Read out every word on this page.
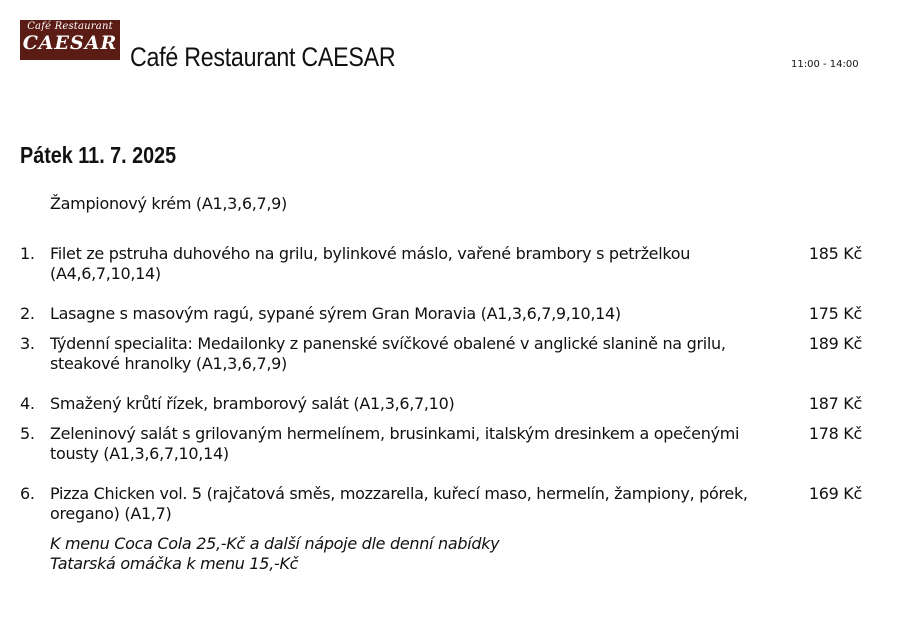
Café Restaurant
CAESAR Café Restaurant CAESAR	11:00 - 14:00
Pátek 11. 7. 2025
Žampionový krém (A1,3,6,7,9)
1. Filet ze pstruha duhového na grilu, bylinkové máslo, vařené brambory s petrželkou (A4,6,7,10,14)
185 Kč
2. Lasagne s masovým ragú, sypané sýrem Gran Moravia (A1,3,6,7,9,10,14)	175 Kč
3. Týdenní specialita: Medailonky z panenské svíčkové obalené v anglické slanině na grilu, steakové hranolky (A1,3,6,7,9)
189 Kč
4. Smažený krůtí řízek, bramborový salát (A1,3,6,7,10)	187 Kč
5. Zeleninový salát s grilovaným hermelínem, brusinkami, italským dresinkem a opečenými tousty (A1,3,6,7,10,14)
178 Kč
6. Pizza Chicken vol. 5 (rajčatová směs, mozzarella, kuřecí maso, hermelín, žampiony, pórek, oregano) (A1,7)
169 Kč
K menu Coca Cola 25,-Kč a další nápoje dle denní nabídky
Tatarská omáčka k menu 15,-Kč
